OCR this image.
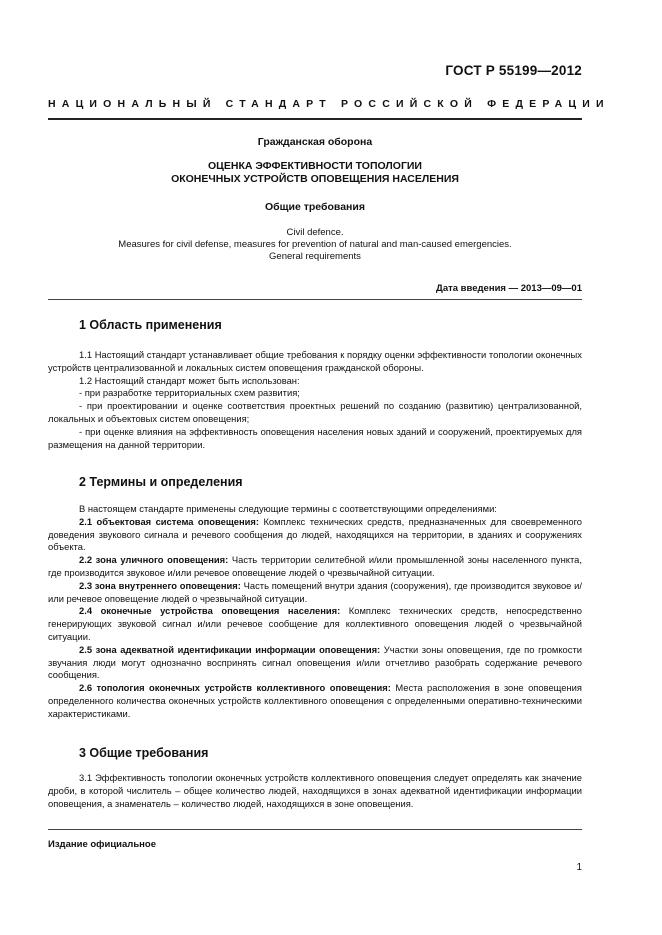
ГОСТ Р 55199—2012
НАЦИОНАЛЬНЫЙ СТАНДАРТ РОССИЙСКОЙ ФЕДЕРАЦИИ
Гражданская оборона
ОЦЕНКА ЭФФЕКТИВНОСТИ ТОПОЛОГИИ
ОКОНЕЧНЫХ УСТРОЙСТВ ОПОВЕЩЕНИЯ НАСЕЛЕНИЯ
Общие требования
Civil defence.
Measures for civil defense, measures for prevention of natural and man-caused emergencies.
General requirements
Дата введения — 2013—09—01
1 Область применения

1.1 Настоящий стандарт устанавливает общие требования к порядку оценки эффективности топологии оконечных устройств централизованной и локальных систем оповещения гражданской обороны.

1.2 Настоящий стандарт может быть использован:

- при разработке территориальных схем развития;

- при проектировании и оценке соответствия проектных решений по созданию (развитию) централизованной, локальных и объектовых систем оповещения;

- при оценке влияния на эффективность оповещения населения новых зданий и сооружений, проектируемых для размещения на данной территории.

2 Термины и определения

В настоящем стандарте применены следующие термины с соответствующими определениями:

2.1 объектовая система оповещения: Комплекс технических средств, предназначенных для своевременного доведения звукового сигнала и речевого сообщения до людей, находящихся на территории, в зданиях и сооружениях объекта.

2.2 зона уличного оповещения: Часть территории селитебной и/или промышленной зоны населенного пункта, где производится звуковое и/или речевое оповещение людей о чрезвычайной ситуации.

2.3 зона внутреннего оповещения: Часть помещений внутри здания (сооружения), где производится звуковое и/или речевое оповещение людей о чрезвычайной ситуации.

2.4 оконечные устройства оповещения населения: Комплекс технических средств, непосредственно генерирующих звуковой сигнал и/или речевое сообщение для коллективного оповещения людей о чрезвычайной ситуации.

2.5 зона адекватной идентификации информации оповещения: Участки зоны оповещения, где по громкости звучания люди могут однозначно воспринять сигнал оповещения и/или отчетливо разобрать содержание речевого сообщения.

2.6 топология оконечных устройств коллективного оповещения: Места расположения в зоне оповещения определенного количества оконечных устройств коллективного оповещения с определенными оперативно-техническими характеристиками.

3 Общие требования

3.1 Эффективность топологии оконечных устройств коллективного оповещения следует определять как значение дроби, в которой числитель – общее количество людей, находящихся в зонах адекватной идентификации информации оповещения, а знаменатель – количество людей, находящихся в зоне оповещения.

Издание официальное
1
